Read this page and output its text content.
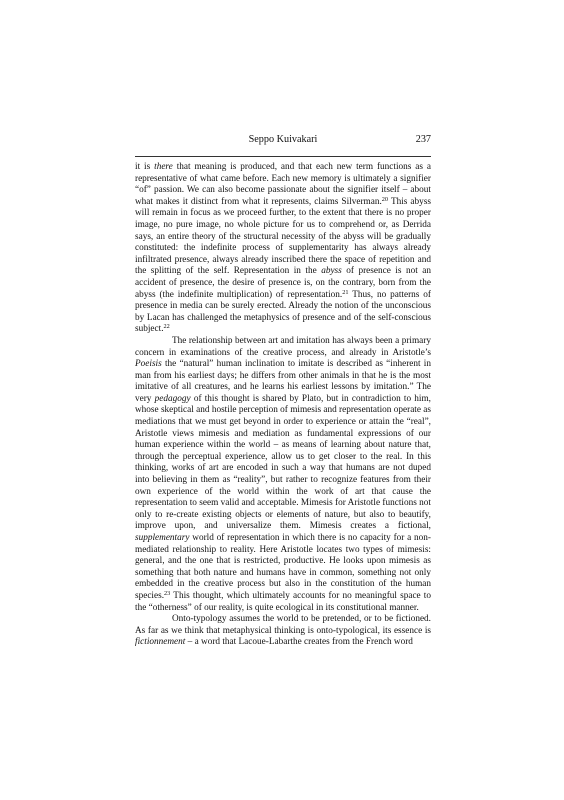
Seppo Kuivakari	237

it is there that meaning is produced, and that each new term functions as a representative of what came before. Each new memory is ultimately a signifier “of” passion. We can also become passionate about the signifier itself – about what makes it distinct from what it represents, claims Silverman.$^{20}$ This abyss will remain in focus as we proceed further, to the extent that there is no proper image, no pure image, no whole picture for us to comprehend or, as Derrida says, an entire theory of the structural necessity of the abyss will be gradually constituted: the indefinite process of supplementarity has always already infiltrated presence, always already inscribed there the space of repetition and the splitting of the self. Representation in the abyss of presence is not an accident of presence, the desire of presence is, on the contrary, born from the abyss (the indefinite multiplication) of representation.$^{21}$ Thus, no patterns of presence in media can be surely erected. Already the notion of the unconscious by Lacan has challenged the metaphysics of presence and of the self-conscious subject.$^{22}$

The relationship between art and imitation has always been a primary concern in examinations of the creative process, and already in Aristotle’s Poeisis the “natural” human inclination to imitate is described as “inherent in man from his earliest days; he differs from other animals in that he is the most imitative of all creatures, and he learns his earliest lessons by imitation.” The very pedagogy of this thought is shared by Plato, but in contradiction to him, whose skeptical and hostile perception of mimesis and representation operate as mediations that we must get beyond in order to experience or attain the “real”, Aristotle views mimesis and mediation as fundamental expressions of our human experience within the world – as means of learning about nature that, through the perceptual experience, allow us to get closer to the real. In this thinking, works of art are encoded in such a way that humans are not duped into believing in them as “reality”, but rather to recognize features from their own experience of the world within the work of art that cause the representation to seem valid and acceptable. Mimesis for Aristotle functions not only to re-create existing objects or elements of nature, but also to beautify, improve upon, and universalize them. Mimesis creates a fictional, supplementary world of representation in which there is no capacity for a non-mediated relationship to reality. Here Aristotle locates two types of mimesis: general, and the one that is restricted, productive. He looks upon mimesis as something that both nature and humans have in common, something not only embedded in the creative process but also in the constitution of the human species.$^{23}$ This thought, which ultimately accounts for no meaningful space to the “otherness” of our reality, is quite ecological in its constitutional manner.

Onto-typology assumes the world to be pretended, or to be fictioned. As far as we think that metaphysical thinking is onto-typological, its essence is fictionnement – a word that Lacoue-Labarthe creates from the French word
